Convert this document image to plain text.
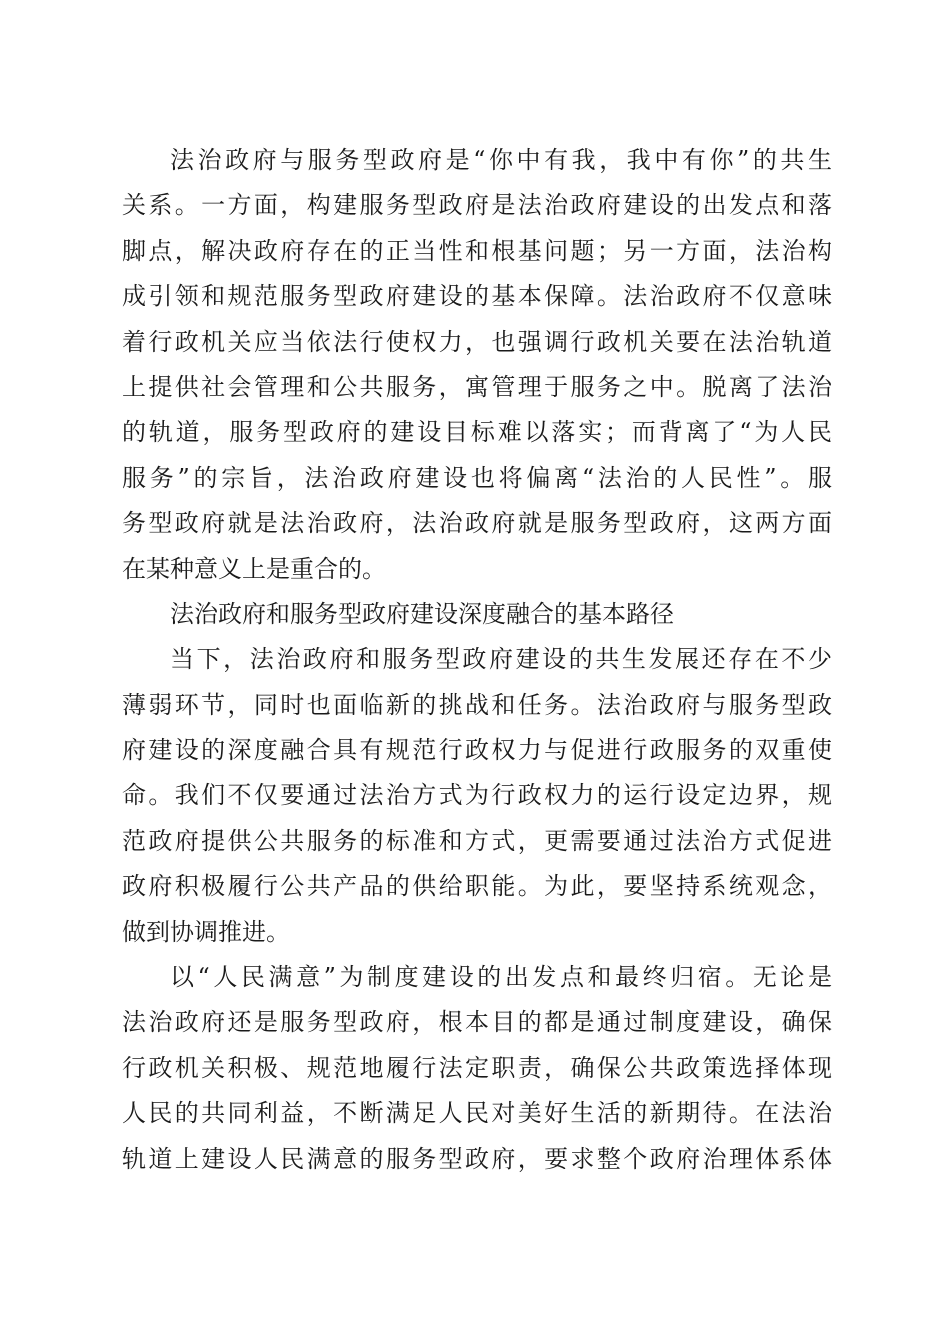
法治政府与服务型政府是“你中有我，我中有你”的共生
关系。一方面，构建服务型政府是法治政府建设的出发点和落
脚点，解决政府存在的正当性和根基问题；另一方面，法治构
成引领和规范服务型政府建设的基本保障。法治政府不仅意味
着行政机关应当依法行使权力，也强调行政机关要在法治轨道
上提供社会管理和公共服务，寓管理于服务之中。脱离了法治
的轨道，服务型政府的建设目标难以落实；而背离了“为人民
服务”的宗旨，法治政府建设也将偏离“法治的人民性”。服
务型政府就是法治政府，法治政府就是服务型政府，这两方面
在某种意义上是重合的。
法治政府和服务型政府建设深度融合的基本路径
当下，法治政府和服务型政府建设的共生发展还存在不少
薄弱环节，同时也面临新的挑战和任务。法治政府与服务型政
府建设的深度融合具有规范行政权力与促进行政服务的双重使
命。我们不仅要通过法治方式为行政权力的运行设定边界，规
范政府提供公共服务的标准和方式，更需要通过法治方式促进
政府积极履行公共产品的供给职能。为此，要坚持系统观念，
做到协调推进。
以“人民满意”为制度建设的出发点和最终归宿。无论是
法治政府还是服务型政府，根本目的都是通过制度建设，确保
行政机关积极、规范地履行法定职责，确保公共政策选择体现
人民的共同利益，不断满足人民对美好生活的新期待。在法治
轨道上建设人民满意的服务型政府，要求整个政府治理体系体
